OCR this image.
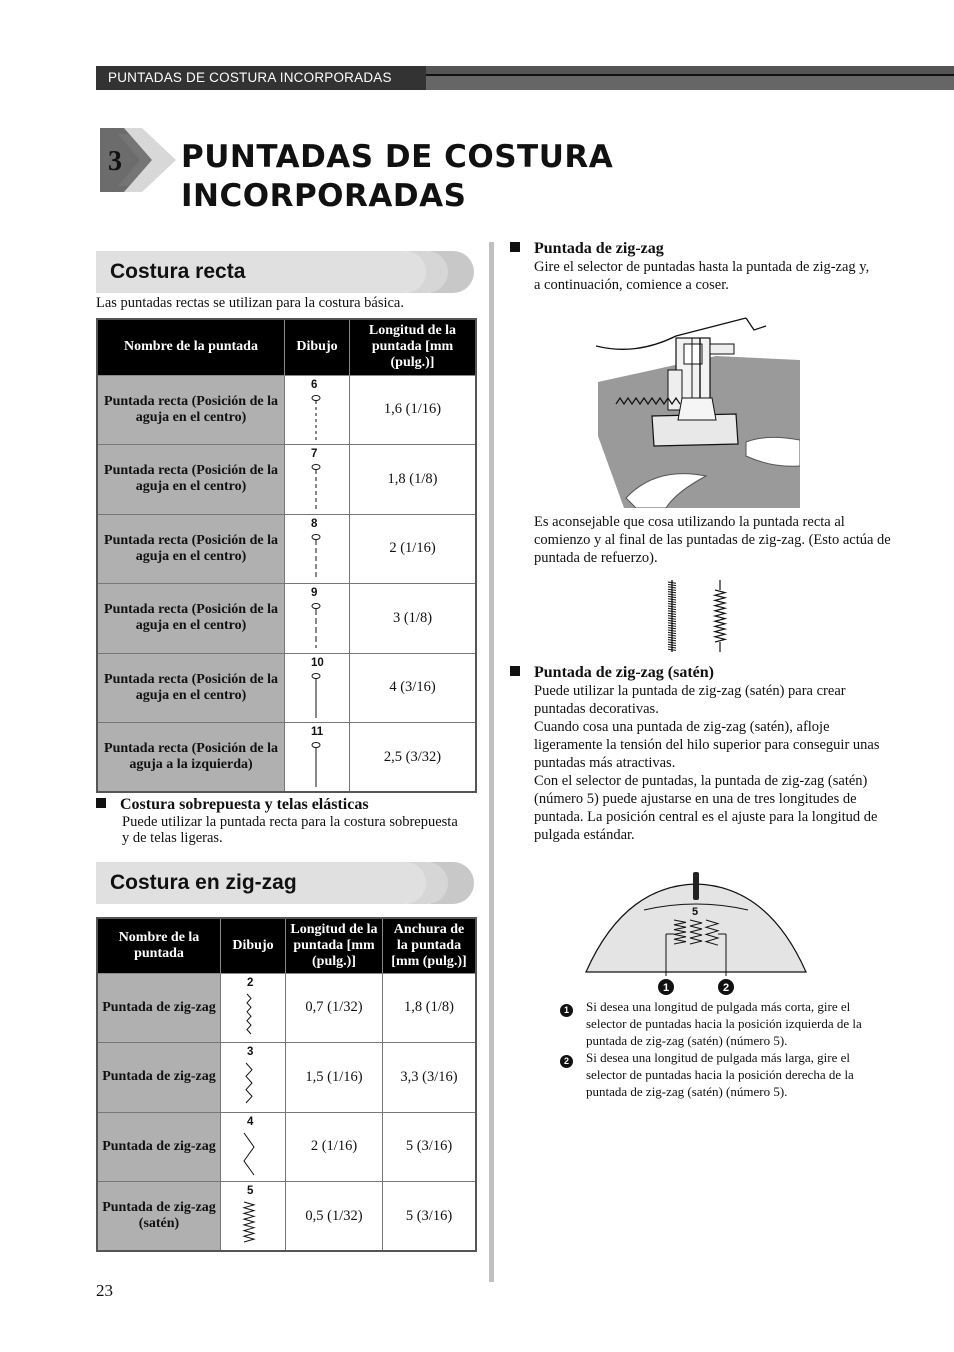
PUNTADAS DE COSTURA INCORPORADAS
3 PUNTADAS DE COSTURA
INCORPORADAS
Costura recta
Las puntadas rectas se utilizan para la costura básica.
Nombre de la puntada	Dibujo	Longitud de la puntada [mm (pulg.)]
Puntada recta (Posición de la aguja en el centro)	6	1,6 (1/16)
Puntada recta (Posición de la aguja en el centro)	7	1,8 (1/8)
Puntada recta (Posición de la aguja en el centro)	8	2 (1/16)
Puntada recta (Posición de la aguja en el centro)	9	3 (1/8)
Puntada recta (Posición de la aguja en el centro)	10	4 (3/16)
Puntada recta (Posición de la aguja a la izquierda)	11	2,5 (3/32)
Costura sobrepuesta y telas elásticas
Puede utilizar la puntada recta para la costura sobrepuesta y de telas ligeras.
Costura en zig-zag
Nombre de la puntada	Dibujo	Longitud de la puntada [mm (pulg.)]	Anchura de la puntada [mm (pulg.)]
Puntada de zig-zag	2	0,7 (1/32)	1,8 (1/8)
Puntada de zig-zag	3	1,5 (1/16)	3,3 (3/16)
Puntada de zig-zag	4	2 (1/16)	5 (3/16)
Puntada de zig-zag (satén)	5	0,5 (1/32)	5 (3/16)
Puntada de zig-zag
Gire el selector de puntadas hasta la puntada de zig-zag y, a continuación, comience a coser.
Es aconsejable que cosa utilizando la puntada recta al comienzo y al final de las puntadas de zig-zag. (Esto actúa de puntada de refuerzo).
Puntada de zig-zag (satén)
Puede utilizar la puntada de zig-zag (satén) para crear puntadas decorativas.
Cuando cosa una puntada de zig-zag (satén), afloje ligeramente la tensión del hilo superior para conseguir unas puntadas más atractivas.
Con el selector de puntadas, la puntada de zig-zag (satén) (número 5) puede ajustarse en una de tres longitudes de puntada. La posición central es el ajuste para la longitud de pulgada estándar.
5
1	2
1	Si desea una longitud de pulgada más corta, gire el selector de puntadas hacia la posición izquierda de la puntada de zig-zag (satén) (número 5).
2	Si desea una longitud de pulgada más larga, gire el selector de puntadas hacia la posición derecha de la puntada de zig-zag (satén) (número 5).
23
